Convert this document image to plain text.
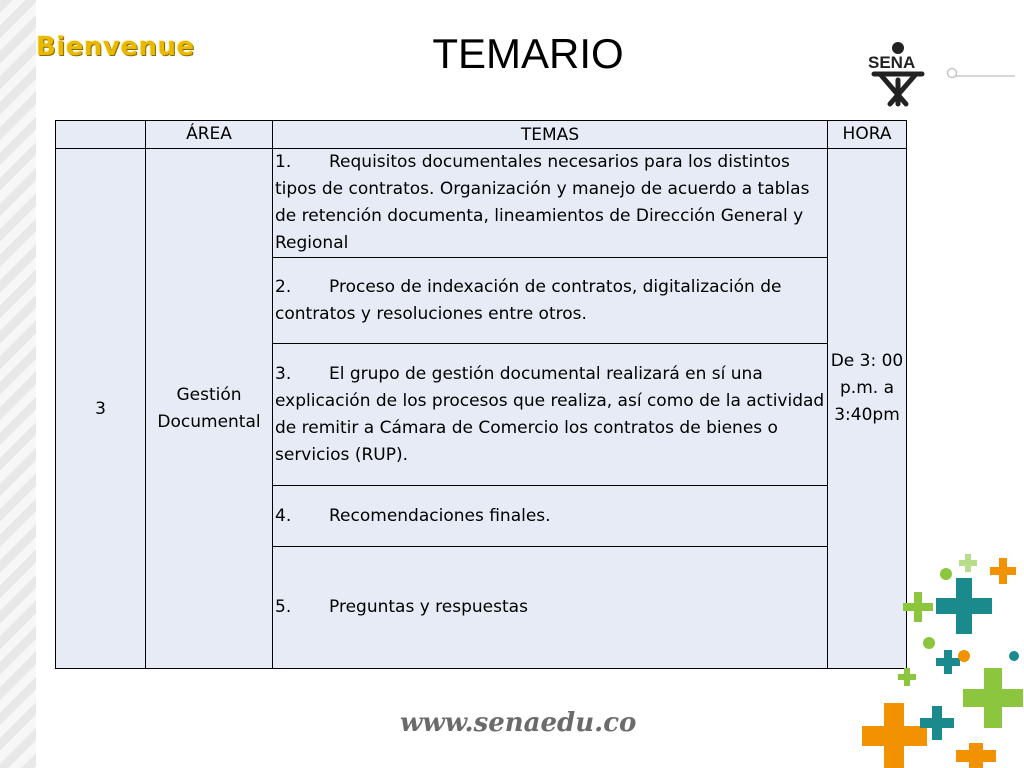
Bienvenue	TEMARIO	SENA
	ÁREA	TEMAS	HORA
3	Gestión Documental	1. Requisitos documentales necesarios para los distintos tipos de contratos. Organización y manejo de acuerdo a tablas de retención documenta, lineamientos de Dirección General y Regional	De 3: 00 p.m. a 3:40pm

		2. Proceso de indexación de contratos, digitalización de contratos y resoluciones entre otros.	
		3. El grupo de gestión documental realizará en sí una explicación de los procesos que realiza, así como de la actividad de remitir a Cámara de Comercio los contratos de bienes o servicios (RUP).	
		4. Recomendaciones finales.	
		5. Preguntas y respuestas	
www.senaedu.co
